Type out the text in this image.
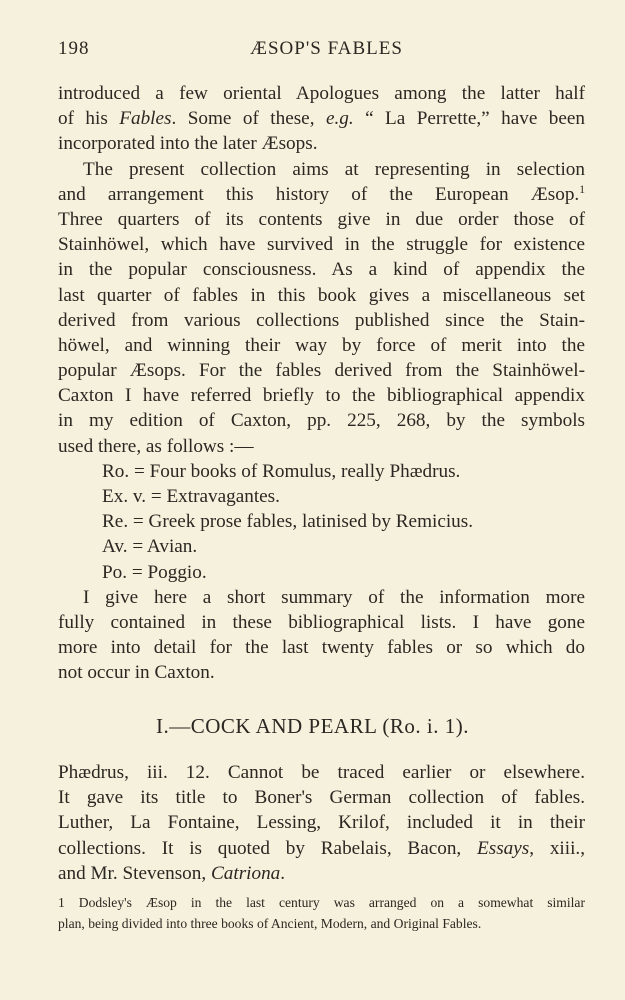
198	ÆSOP'S FABLES
introduced a few oriental Apologues among the latter half
of his Fables. Some of these, e.g. “ La Perrette,” have been
incorporated into the later Æsops.
The present collection aims at representing in selection
and arrangement this history of the European Æsop.$^1$
Three quarters of its contents give in due order those of
Stainhöwel, which have survived in the struggle for existence
in the popular consciousness. As a kind of appendix the
last quarter of fables in this book gives a miscellaneous set
derived from various collections published since the Stain-
höwel, and winning their way by force of merit into the
popular Æsops. For the fables derived from the Stainhöwel-
Caxton I have referred briefly to the bibliographical appendix
in my edition of Caxton, pp. 225, 268, by the symbols
used there, as follows :—
Ro. = Four books of Romulus, really Phædrus.
Ex. v. = Extravagantes.
Re. = Greek prose fables, latinised by Remicius.
Av. = Avian.
Po. = Poggio.
I give here a short summary of the information more
fully contained in these bibliographical lists. I have gone
more into detail for the last twenty fables or so which do
not occur in Caxton.
I.—COCK AND PEARL (Ro. i. 1).
Phædrus, iii. 12. Cannot be traced earlier or elsewhere.
It gave its title to Boner's German collection of fables.
Luther, La Fontaine, Lessing, Krilof, included it in their
collections. It is quoted by Rabelais, Bacon, Essays, xiii.,
and Mr. Stevenson, Catriona.
1 Dodsley's Æsop in the last century was arranged on a somewhat similar
plan, being divided into three books of Ancient, Modern, and Original Fables.
